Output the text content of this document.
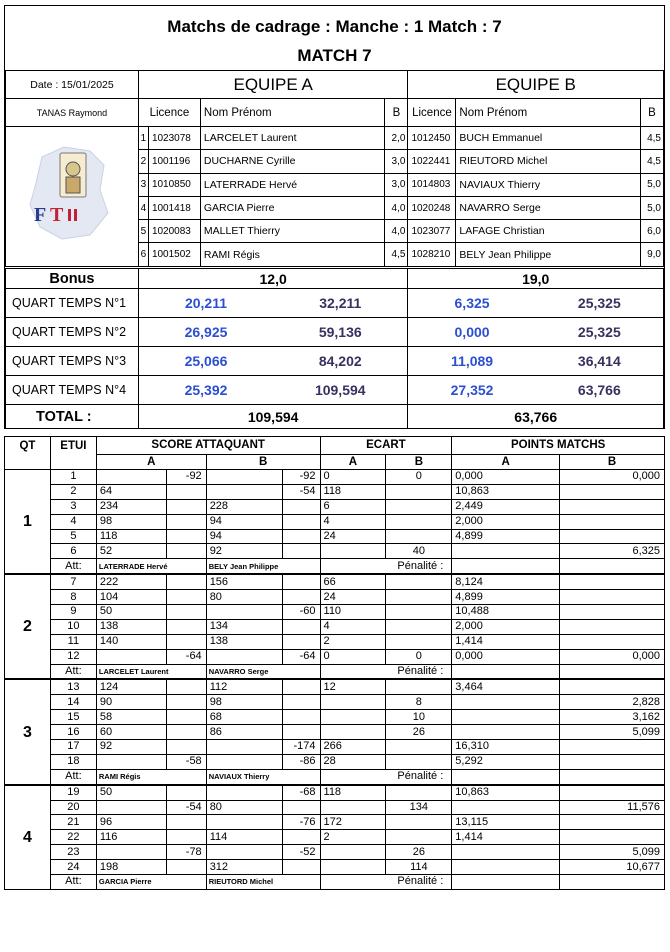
Matchs de cadrage : Manche : 1 Match : 7
MATCH 7
Date : 15/01/2025	EQUIPE A				EQUIPE B		
TANAS Raymond	Licence		Nom Prénom	B	Licence	Nom Prénom	B

F T	1	1023078	LARCELET Laurent	2,0	1012450	BUCH Emmanuel	4,5
	2	1001196	DUCHARNE Cyrille	3,0	1022441	RIEUTORD Michel	4,5
	3	1010850	LATERRADE Hervé	3,0	1014803	NAVIAUX Thierry	5,0
	4	1001418	GARCIA Pierre	4,0	1020248	NAVARRO Serge	5,0
	5	1020083	MALLET Thierry	4,0	1023077	LAFAGE Christian	6,0
	6	1001502	RAMI Régis	4,5	1028210	BELY Jean Philippe	9,0
Bonus	12,0		19,0	
QUART TEMPS N°1	20,211	32,211	6,325	25,325
QUART TEMPS N°2	26,925	59,136	0,000	25,325
QUART TEMPS N°3	25,066	84,202	11,089	36,414
QUART TEMPS N°4	25,392	109,594	27,352	63,766
TOTAL :	109,594		63,766	
QT	ETUI	SCORE ATTAQUANT				ECART		POINTS MATCHS	
		A		B		A	B	A	B
1	1		-92		-92	0	0	0,000	0,000
	2	64			-54	118		10,863	
	3	234		228		6		2,449	
	4	98		94		4		2,000	
	5	118		94		24		4,899	
	6	52		92			40		6,325
	Att:	LATERRADE Hervé		BELY Jean Philippe		Pénalité :			
2	7	222		156		66		8,124	
	8	104		80		24		4,899	
	9	50			-60	110		10,488	
	10	138		134		4		2,000	
	11	140		138		2		1,414	
	12		-64		-64	0	0	0,000	0,000
	Att:	LARCELET Laurent		NAVARRO Serge		Pénalité :			
3	13	124		112		12		3,464	
	14	90		98			8		2,828
	15	58		68			10		3,162
	16	60		86			26		5,099
	17	92			-174	266		16,310	
	18		-58		-86	28		5,292	
	Att:	RAMI Régis		NAVIAUX Thierry		Pénalité :			
4	19	50			-68	118		10,863	
	20		-54	80			134		11,576
	21	96			-76	172		13,115	
	22	116		114		2		1,414	
	23		-78		-52		26		5,099
	24	198		312			114		10,677
	Att:	GARCIA Pierre		RIEUTORD Michel		Pénalité :			
